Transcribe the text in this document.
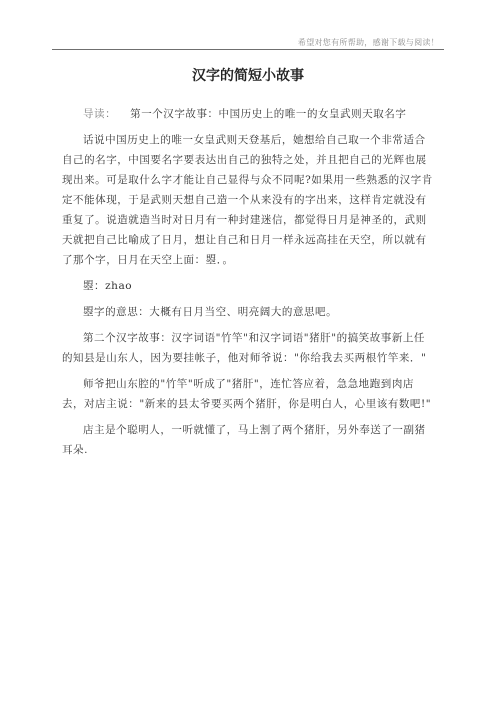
希望对您有所帮助，感谢下载与阅读！
汉字的简短小故事

导读： 第一个汉字故事：中国历史上的唯一的女皇武则天取名字

话说中国历史上的唯一女皇武则天登基后，她想给自己取一个非常适合自己的名字，中国要名字要表达出自己的独特之处，并且把自己的光辉也展现出来。可是取什么字才能让自己显得与众不同呢?如果用一些熟悉的汉字肯定不能体现，于是武则天想自己造一个从来没有的字出来，这样肯定就没有重复了。说造就造当时对日月有一种封建迷信，都觉得日月是神圣的，武则天就把自己比喻成了日月，想让自己和日月一样永远高挂在天空，所以就有了那个字，日月在天空上面：曌．。

曌：zhao

曌字的意思：大概有日月当空、明亮阔大的意思吧。

第二个汉字故事：汉字词语"竹竿"和汉字词语"猪肝"的搞笑故事新上任的知县是山东人，因为要挂帐子，他对师爷说："你给我去买两根竹竿来．"

师爷把山东腔的"竹竿"听成了"猪肝"，连忙答应着，急急地跑到肉店去，对店主说："新来的县太爷要买两个猪肝，你是明白人，心里该有数吧!"

店主是个聪明人，一听就懂了，马上割了两个猪肝，另外奉送了一副猪耳朵.
